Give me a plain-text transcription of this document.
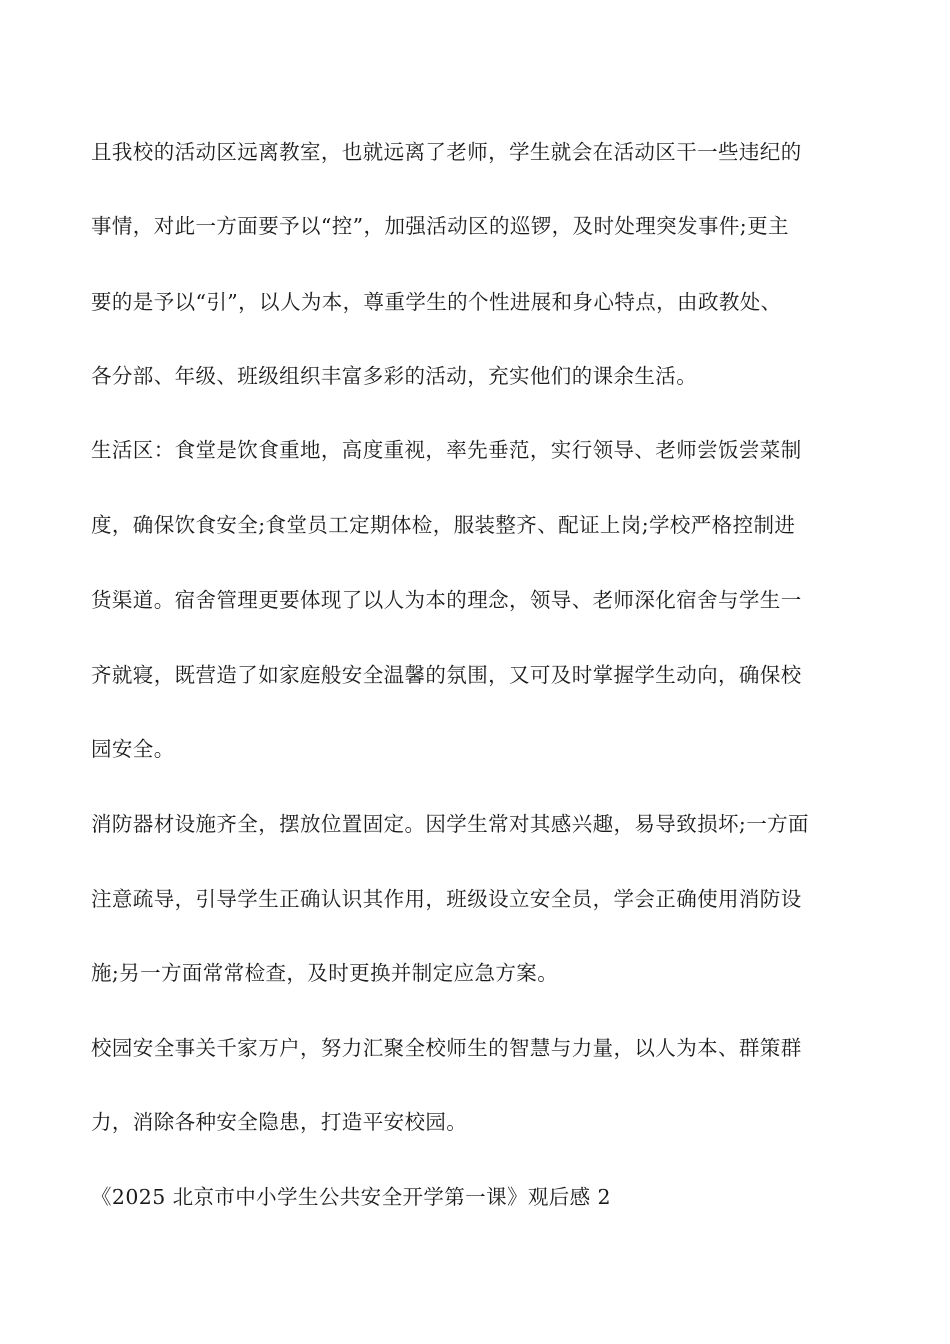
且我校的活动区远离教室，也就远离了老师，学生就会在活动区干一些违纪的
事情，对此一方面要予以“控”，加强活动区的巡锣，及时处理突发事件;更主
要的是予以“引”，以人为本，尊重学生的个性进展和身心特点，由政教处、
各分部、年级、班级组织丰富多彩的活动，充实他们的课余生活。
生活区：食堂是饮食重地，高度重视，率先垂范，实行领导、老师尝饭尝菜制
度，确保饮食安全;食堂员工定期体检，服装整齐、配证上岗;学校严格控制进
货渠道。宿舍管理更要体现了以人为本的理念，领导、老师深化宿舍与学生一
齐就寝，既营造了如家庭般安全温馨的氛围，又可及时掌握学生动向，确保校
园安全。
消防器材设施齐全，摆放位置固定。因学生常对其感兴趣，易导致损坏;一方面
注意疏导，引导学生正确认识其作用，班级设立安全员，学会正确使用消防设
施;另一方面常常检查，及时更换并制定应急方案。
校园安全事关千家万户，努力汇聚全校师生的智慧与力量，以人为本、群策群
力，消除各种安全隐患，打造平安校园。
《2025 北京市中小学生公共安全开学第一课》观后感 2
